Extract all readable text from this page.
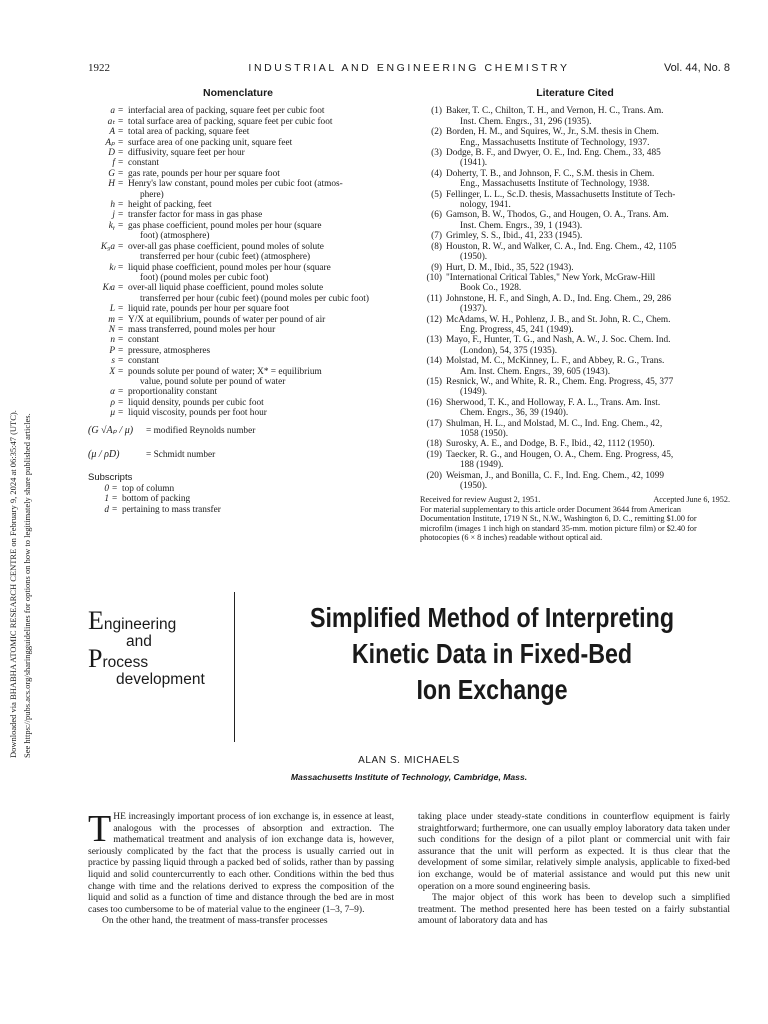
1922	INDUSTRIAL AND ENGINEERING CHEMISTRY	Vol. 44, No. 8
Downloaded via BHABHA ATOMIC RESEARCH CENTRE on February 9, 2024 at 06:35:47 (UTC). See https://pubs.acs.org/sharingguidelines for options on how to legitimately share published articles.
Nomenclature
a = interfacial area of packing, square feet per cubic foot
aₜ = total surface area of packing, square feet per cubic foot
A = total area of packing, square feet
Aₚ = surface area of one packing unit, square feet
D = diffusivity, square feet per hour
f = constant
G = gas rate, pounds per hour per square foot
H = Henry's law constant, pound moles per cubic foot (atmos-
phere)
h = height of packing, feet
j = transfer factor for mass in gas phase
kᵧ = gas phase coefficient, pound moles per hour (square
foot) (atmosphere)
K₉a = over-all gas phase coefficient, pound moles of solute
transferred per hour (cubic feet) (atmosphere)
kₗ = liquid phase coefficient, pound moles per hour (square
foot) (pound moles per cubic foot)
Kₗa = over-all liquid phase coefficient, pound moles solute
transferred per hour (cubic feet) (pound moles per cubic foot)
L = liquid rate, pounds per hour per square foot
m = Y/X at equilibrium, pounds of water per pound of air
N = mass transferred, pound moles per hour
n = constant
P = pressure, atmospheres
s = constant
X = pounds solute per pound of water; X* = equilibrium
value, pound solute per pound of water
α = proportionality constant
ρ = liquid density, pounds per cubic foot
μ = liquid viscosity, pounds per foot hour
(G √Aₚ / μ)	= modified Reynolds number
(μ / ρD)	= Schmidt number
Subscripts
0 = top of column
1 = bottom of packing
d = pertaining to mass transfer
Literature Cited
(1) Baker, T. C., Chilton, T. H., and Vernon, H. C., Trans. Am.
Inst. Chem. Engrs., 31, 296 (1935).
(2) Borden, H. M., and Squires, W., Jr., S.M. thesis in Chem.
Eng., Massachusetts Institute of Technology, 1937.
(3) Dodge, B. F., and Dwyer, O. E., Ind. Eng. Chem., 33, 485
(1941).
(4) Doherty, T. B., and Johnson, F. C., S.M. thesis in Chem.
Eng., Massachusetts Institute of Technology, 1938.
(5) Fellinger, L. L., Sc.D. thesis, Massachusetts Institute of Tech-
nology, 1941.
(6) Gamson, B. W., Thodos, G., and Hougen, O. A., Trans. Am.
Inst. Chem. Engrs., 39, 1 (1943).
(7) Grimley, S. S., Ibid., 41, 233 (1945).
(8) Houston, R. W., and Walker, C. A., Ind. Eng. Chem., 42, 1105
(1950).
(9) Hurt, D. M., Ibid., 35, 522 (1943).
(10) "International Critical Tables," New York, McGraw-Hill
Book Co., 1928.
(11) Johnstone, H. F., and Singh, A. D., Ind. Eng. Chem., 29, 286
(1937).
(12) McAdams, W. H., Pohlenz, J. B., and St. John, R. C., Chem.
Eng. Progress, 45, 241 (1949).
(13) Mayo, F., Hunter, T. G., and Nash, A. W., J. Soc. Chem. Ind.
(London), 54, 375 (1935).
(14) Molstad, M. C., McKinney, L. F., and Abbey, R. G., Trans.
Am. Inst. Chem. Engrs., 39, 605 (1943).
(15) Resnick, W., and White, R. R., Chem. Eng. Progress, 45, 377
(1949).
(16) Sherwood, T. K., and Holloway, F. A. L., Trans. Am. Inst.
Chem. Engrs., 36, 39 (1940).
(17) Shulman, H. L., and Molstad, M. C., Ind. Eng. Chem., 42,
1058 (1950).
(18) Surosky, A. E., and Dodge, B. F., Ibid., 42, 1112 (1950).
(19) Taecker, R. G., and Hougen, O. A., Chem. Eng. Progress, 45,
188 (1949).
(20) Weisman, J., and Bonilla, C. F., Ind. Eng. Chem., 42, 1099
(1950).
Received for review August 2, 1951.	Accepted June 6, 1952.
For material supplementary to this article order Document 3644 from American Documentation Institute, 1719 N St., N.W., Washington 6, D. C., remitting $1.00 for microfilm (images 1 inch high on standard 35-mm. motion picture film) or $2.40 for photocopies (6 × 8 inches) readable without optical aid.
Engineering
and
Process
development
Simplified Method of Interpreting
Kinetic Data in Fixed-Bed
Ion Exchange
ALAN S. MICHAELS
Massachusetts Institute of Technology, Cambridge, Mass.

THE increasingly important process of ion exchange is, in essence at least, analogous with the processes of absorption and extraction. The mathematical treatment and analysis of ion exchange data is, however, seriously complicated by the fact that the process is usually carried out in practice by passing liquid through a packed bed of solids, rather than by passing liquid and solid countercurrently to each other. Conditions within the bed thus change with time and the relations derived to express the composition of the liquid and solid as a function of time and distance through the bed are in most cases too cumbersome to be of material value to the engineer (1–3, 7–9).

On the other hand, the treatment of mass-transfer processes

taking place under steady-state conditions in counterflow equipment is fairly straightforward; furthermore, one can usually employ laboratory data taken under such conditions for the design of a pilot plant or commercial unit with fair assurance that the unit will perform as expected. It is thus clear that the development of some similar, relatively simple analysis, applicable to fixed-bed ion exchange, would be of material assistance and would put this new unit operation on a more sound engineering basis.

The major object of this work has been to develop such a simplified treatment. The method presented here has been tested on a fairly substantial amount of laboratory data and has
